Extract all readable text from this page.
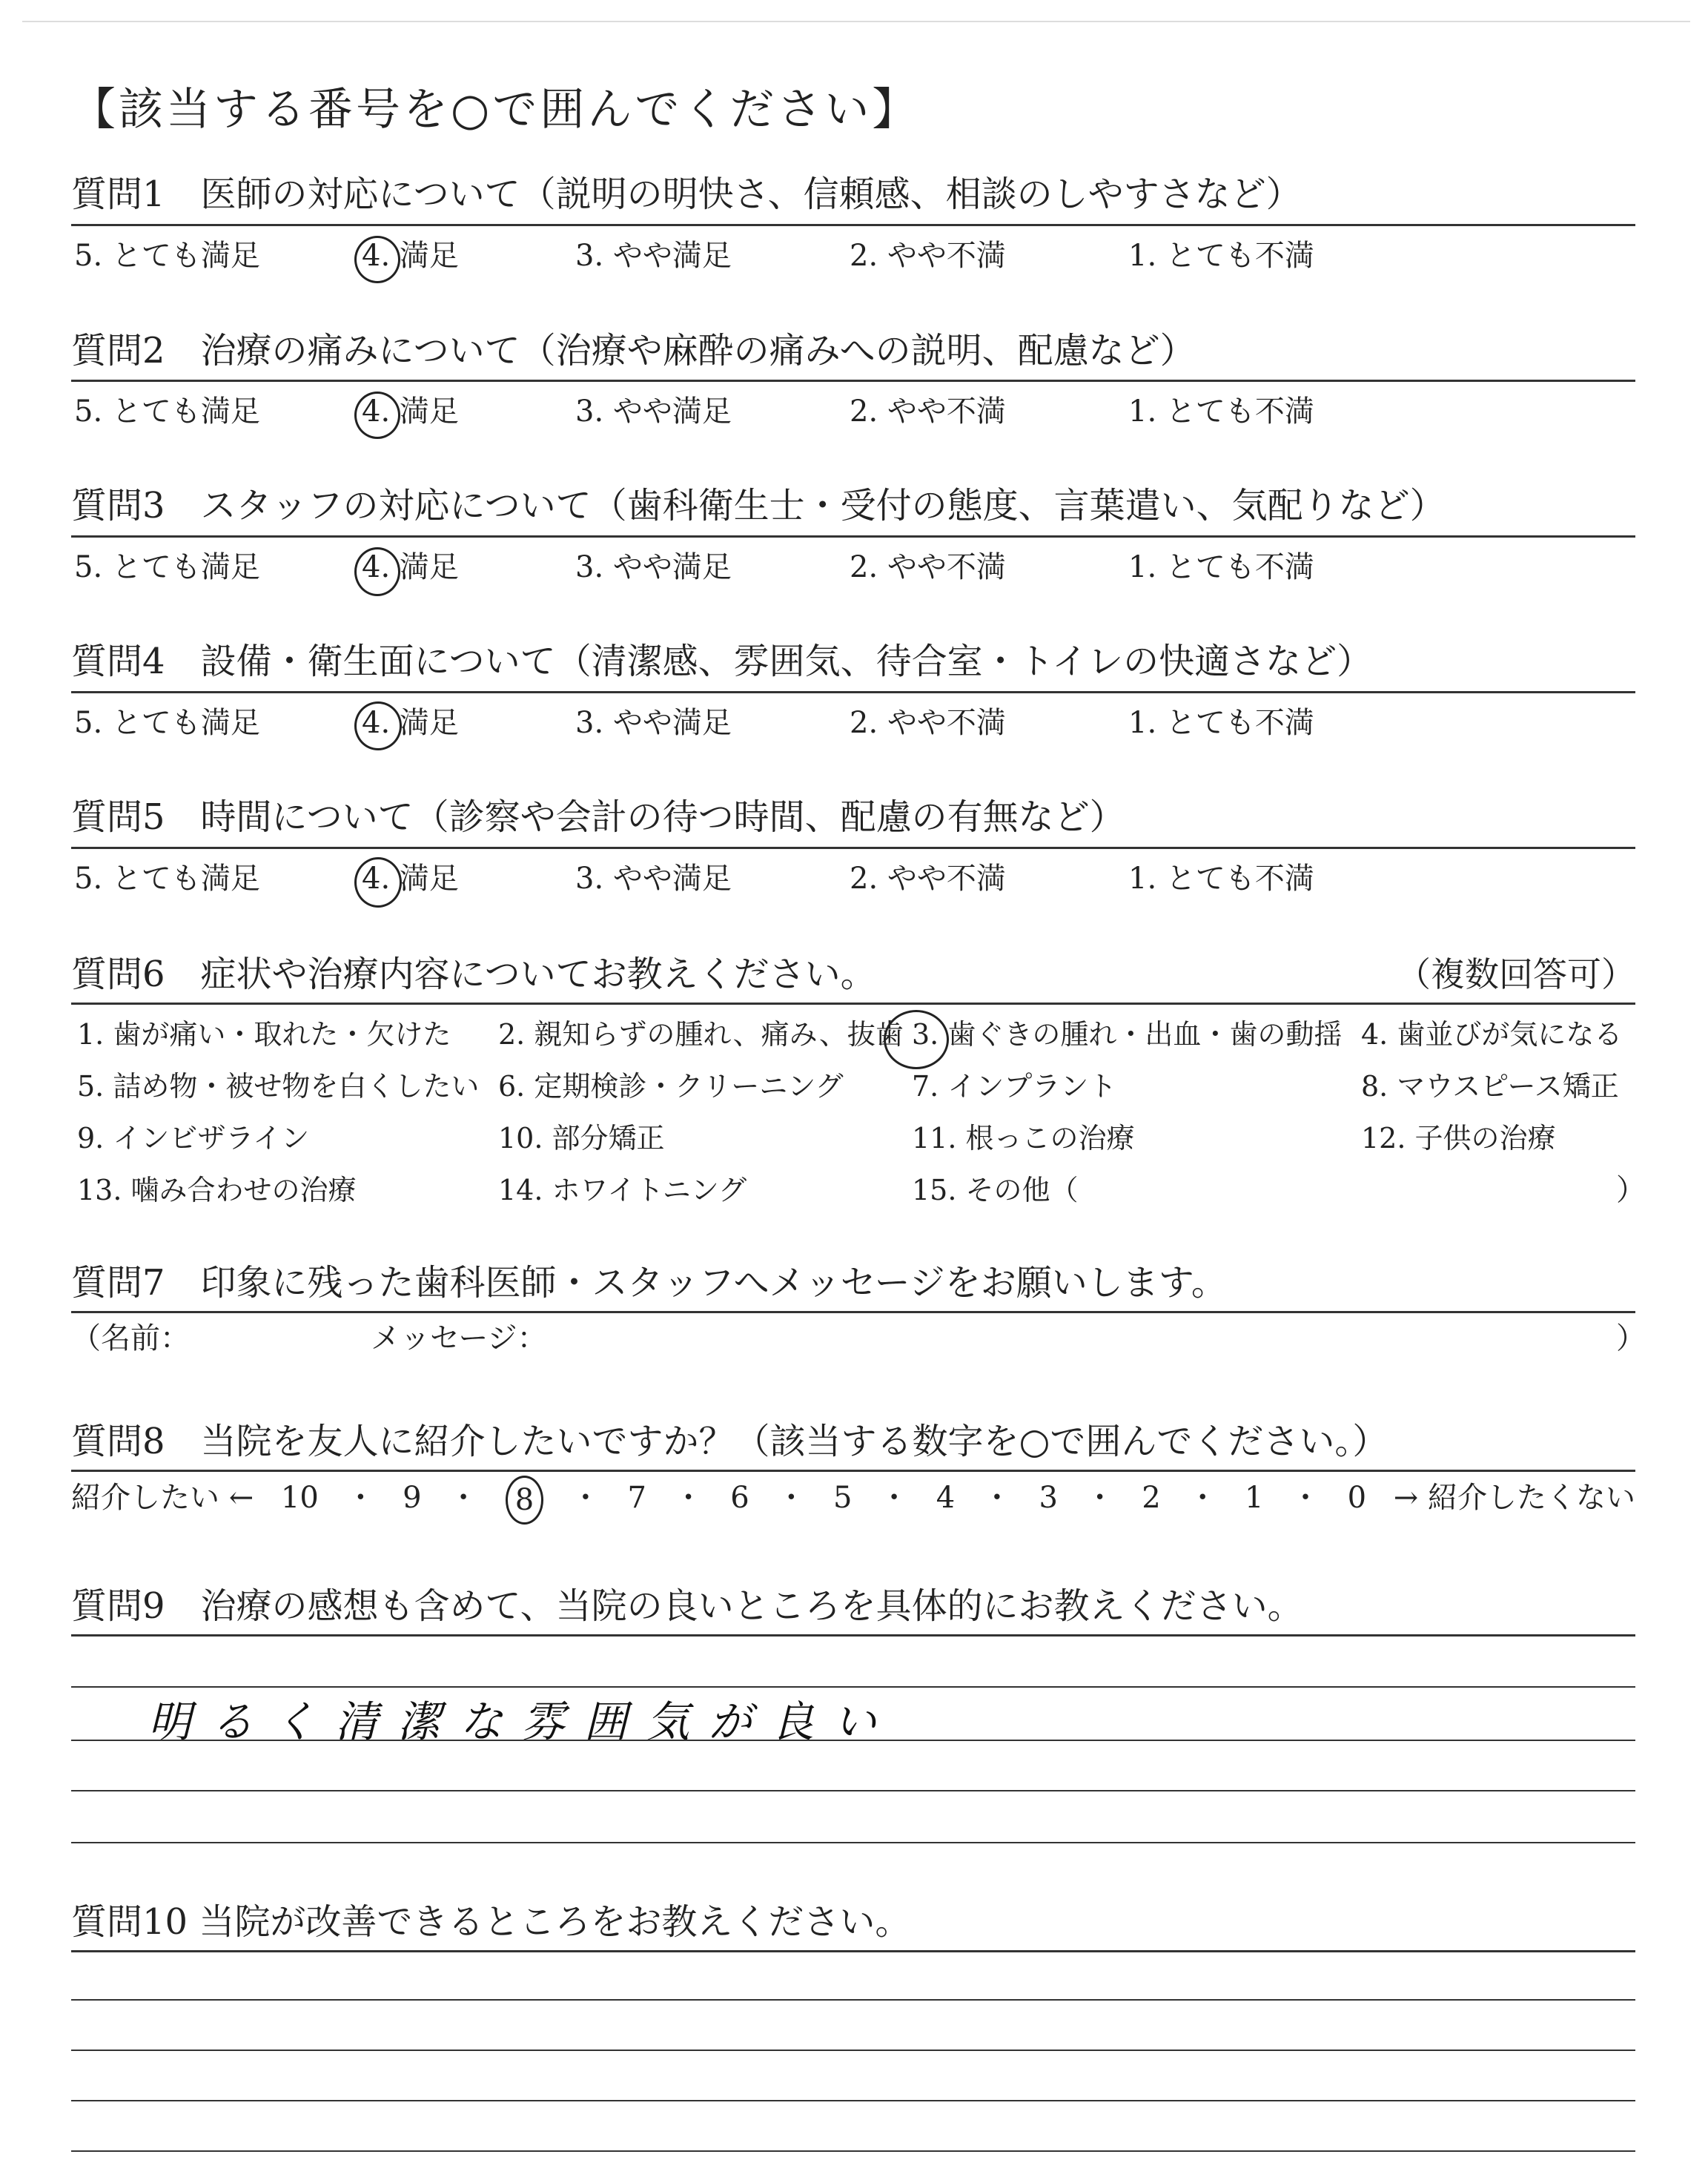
【該当する番号を○で囲んでください】
質問1　医師の対応について（説明の明快さ、信頼感、相談のしやすさなど）
5. とても満足	4. 満足	3. やや満足	2. やや不満	1. とても不満
質問2　治療の痛みについて（治療や麻酔の痛みへの説明、配慮など）
5. とても満足	4. 満足	3. やや満足	2. やや不満	1. とても不満
質問3　スタッフの対応について（歯科衛生士・受付の態度、言葉遣い、気配りなど）
5. とても満足	4. 満足	3. やや満足	2. やや不満	1. とても不満
質問4　設備・衛生面について（清潔感、雰囲気、待合室・トイレの快適さなど）
5. とても満足	4. 満足	3. やや満足	2. やや不満	1. とても不満
質問5　時間について（診察や会計の待つ時間、配慮の有無など）
5. とても満足	4. 満足	3. やや満足	2. やや不満	1. とても不満
質問6　症状や治療内容についてお教えください。	（複数回答可）
1. 歯が痛い・取れた・欠けた 2. 親知らずの腫れ、痛み、抜歯 3. 歯ぐきの腫れ・出血・歯の動揺 4. 歯並びが気になる
5. 詰め物・被せ物を白くしたい 6. 定期検診・クリーニング 7. インプラント	8. マウスピース矯正
9. インビザライン	10. 部分矯正	11. 根っこの治療	12. 子供の治療
13. 噛み合わせの治療	14. ホワイトニング	15. その他（	）
質問7　印象に残った歯科医師・スタッフへメッセージをお願いします。
（名前：	メッセージ：	）
質問8　当院を友人に紹介したいですか？（該当する数字を○で囲んでください。）
紹介したい ← 10 ・ 9 ・	8	・ 7 ・ 6 ・ 5 ・ 4 ・ 3 ・ 2 ・ 1 ・ 0 → 紹介したくない
質問9　治療の感想も含めて、当院の良いところを具体的にお教えください。
明るく清潔な雰囲気が良い
質問10 当院が改善できるところをお教えください。
